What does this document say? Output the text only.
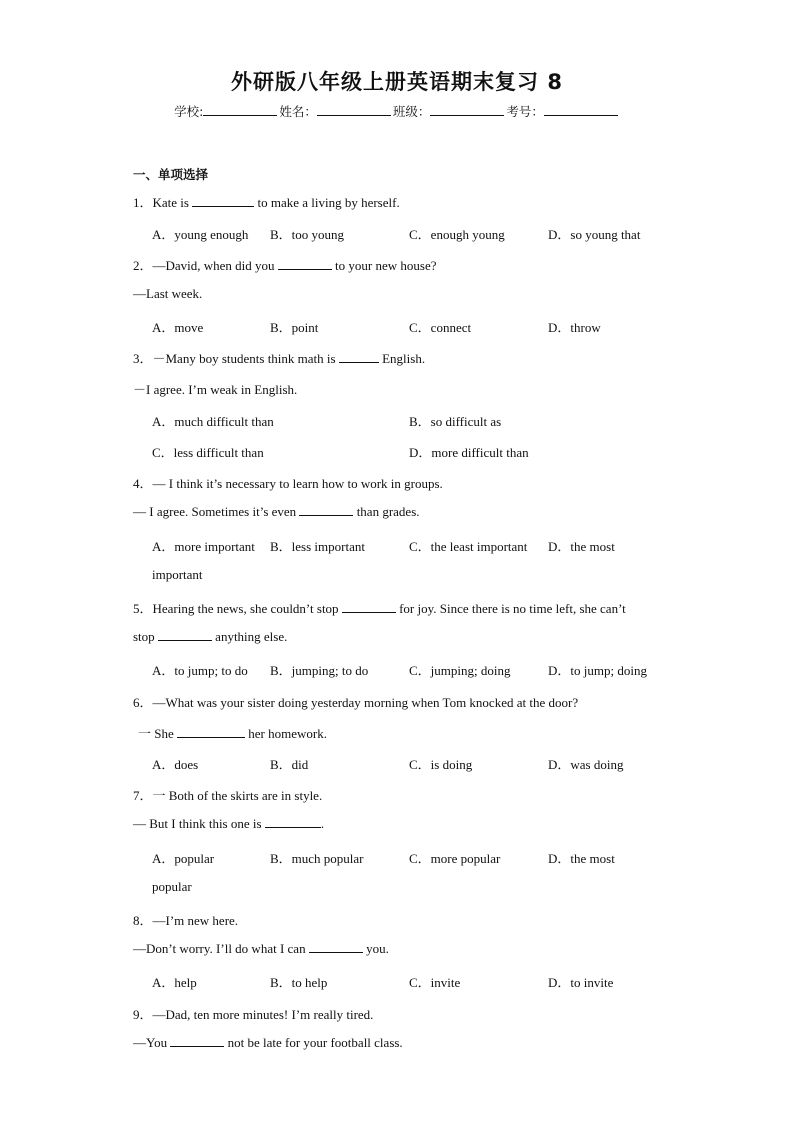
外研版八年级上册英语期末复习 8
学校:	姓名：	班级：	考号：
一、单项选择
1．Kate is	to make a living by herself.
A．young enough B．too young	C．enough young	D．so young that
2．—David, when did you	to your new house?
—Last week.
A．move	B．point	C．connect	D．throw
3．－Many boy students think math is	English.
－I agree. I’m weak in English.
A．much difficult than	B．so difficult as
C．less difficult than	D．more difficult than
4．— I think it’s necessary to learn how to work in groups.
— I agree. Sometimes it’s even	than grades.
A．more important B．less important	C．the least important D．the most
important
5．Hearing the news, she couldn’t stop	for joy. Since there is no time left, she can’t
stop	anything else.
A．to jump; to do B．jumping; to do	C．jumping; doing	D．to jump; doing
6．—What was your sister doing yesterday morning when Tom knocked at the door?
一 She	her homework.
A．does	B．did	C．is doing	D．was doing
7．一 Both of the skirts are in style.
— But I think this one is	.
A．popular	B．much popular	C．more popular	D．the most
popular
8．—I’m new here.
—Don’t worry. I’ll do what I can	you.
A．help	B．to help	C．invite	D．to invite
9．—Dad, ten more minutes! I’m really tired.
—You	not be late for your football class.
